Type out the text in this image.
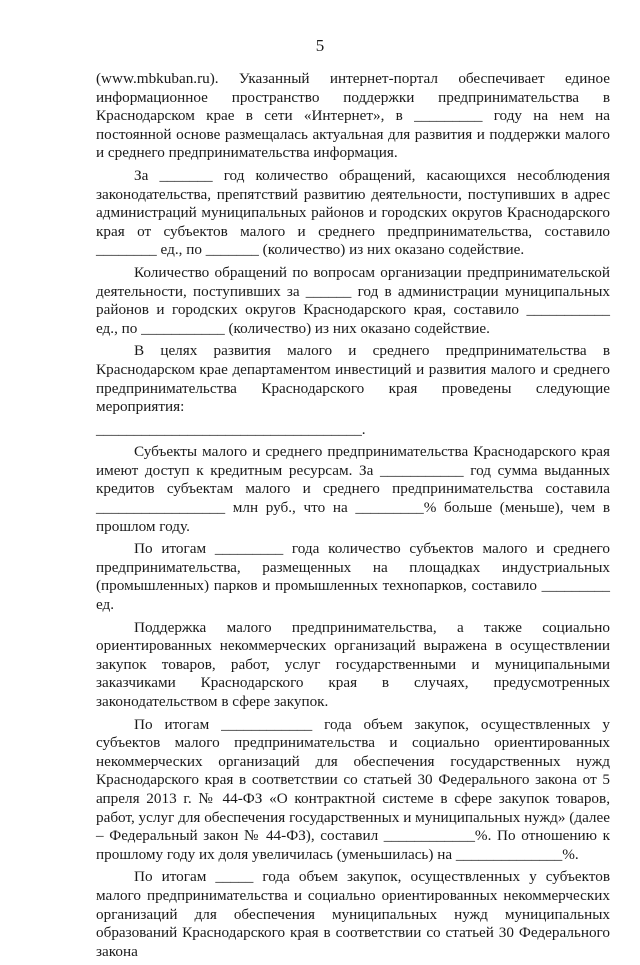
5

(www.mbkuban.ru). Указанный интернет-портал обеспечивает единое информационное пространство поддержки предпринимательства в Краснодарском крае в сети «Интернет», в _________ году на нем на постоянной основе размещалась актуальная для развития и поддержки малого и среднего предпринимательства информация.

За _______ год количество обращений, касающихся несоблюдения законодательства, препятствий развитию деятельности, поступивших в адрес администраций муниципальных районов и городских округов Краснодарского края от субъектов малого и среднего предпринимательства, составило ________ ед., по _______ (количество) из них оказано содействие.

Количество обращений по вопросам организации предпринимательской деятельности, поступивших за ______ год в администрации муниципальных районов и городских округов Краснодарского края, составило ___________ ед., по ___________ (количество) из них оказано содействие.

В целях развития малого и среднего предпринимательства в Краснодарском крае департаментом инвестиций и развития малого и среднего предпринимательства Краснодарского края проведены следующие мероприятия:

___________________________________.

Субъекты малого и среднего предпринимательства Краснодарского края имеют доступ к кредитным ресурсам. За ___________ год сумма выданных кредитов субъектам малого и среднего предпринимательства составила _________________ млн руб., что на _________% больше (меньше), чем в прошлом году.

По итогам _________ года количество субъектов малого и среднего предпринимательства, размещенных на площадках индустриальных (промышленных) парков и промышленных технопарков, составило _________ ед.

Поддержка малого предпринимательства, а также социально ориентированных некоммерческих организаций выражена в осуществлении закупок товаров, работ, услуг государственными и муниципальными заказчиками Краснодарского края в случаях, предусмотренных законодательством в сфере закупок.

По итогам ____________ года объем закупок, осуществленных у субъектов малого предпринимательства и социально ориентированных некоммерческих организаций для обеспечения государственных нужд Краснодарского края в соответствии со статьей 30 Федерального закона от 5 апреля 2013 г. № 44-ФЗ «О контрактной системе в сфере закупок товаров, работ, услуг для обеспечения государственных и муниципальных нужд» (далее – Федеральный закон № 44-ФЗ), составил ____________%. По отношению к прошлому году их доля увеличилась (уменьшилась) на ______________%.

По итогам _____ года объем закупок, осуществленных у субъектов малого предпринимательства и социально ориентированных некоммерческих организаций для обеспечения муниципальных нужд муниципальных образований Краснодарского края в соответствии со статьей 30 Федерального закона
